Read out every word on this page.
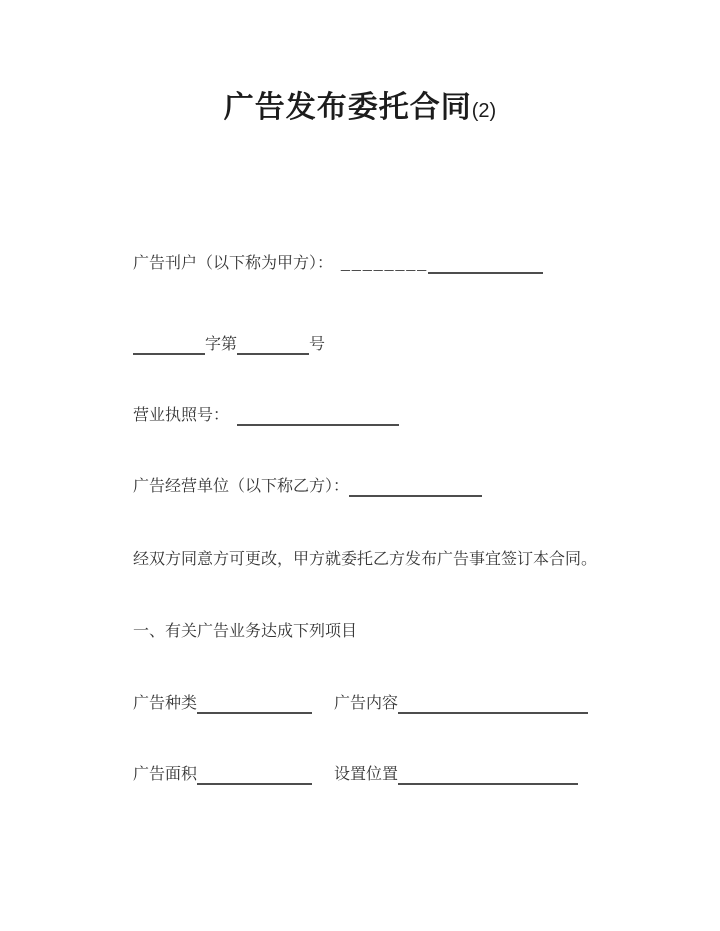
广告发布委托合同(2)
广告刊户（以下称为甲方）： ________
字第	号
营业执照号：
广告经营单位（以下称乙方）：
经双方同意方可更改，甲方就委托乙方发布广告事宜签订本合同。
一、有关广告业务达成下列项目
广告种类	广告内容
广告面积	设置位置
